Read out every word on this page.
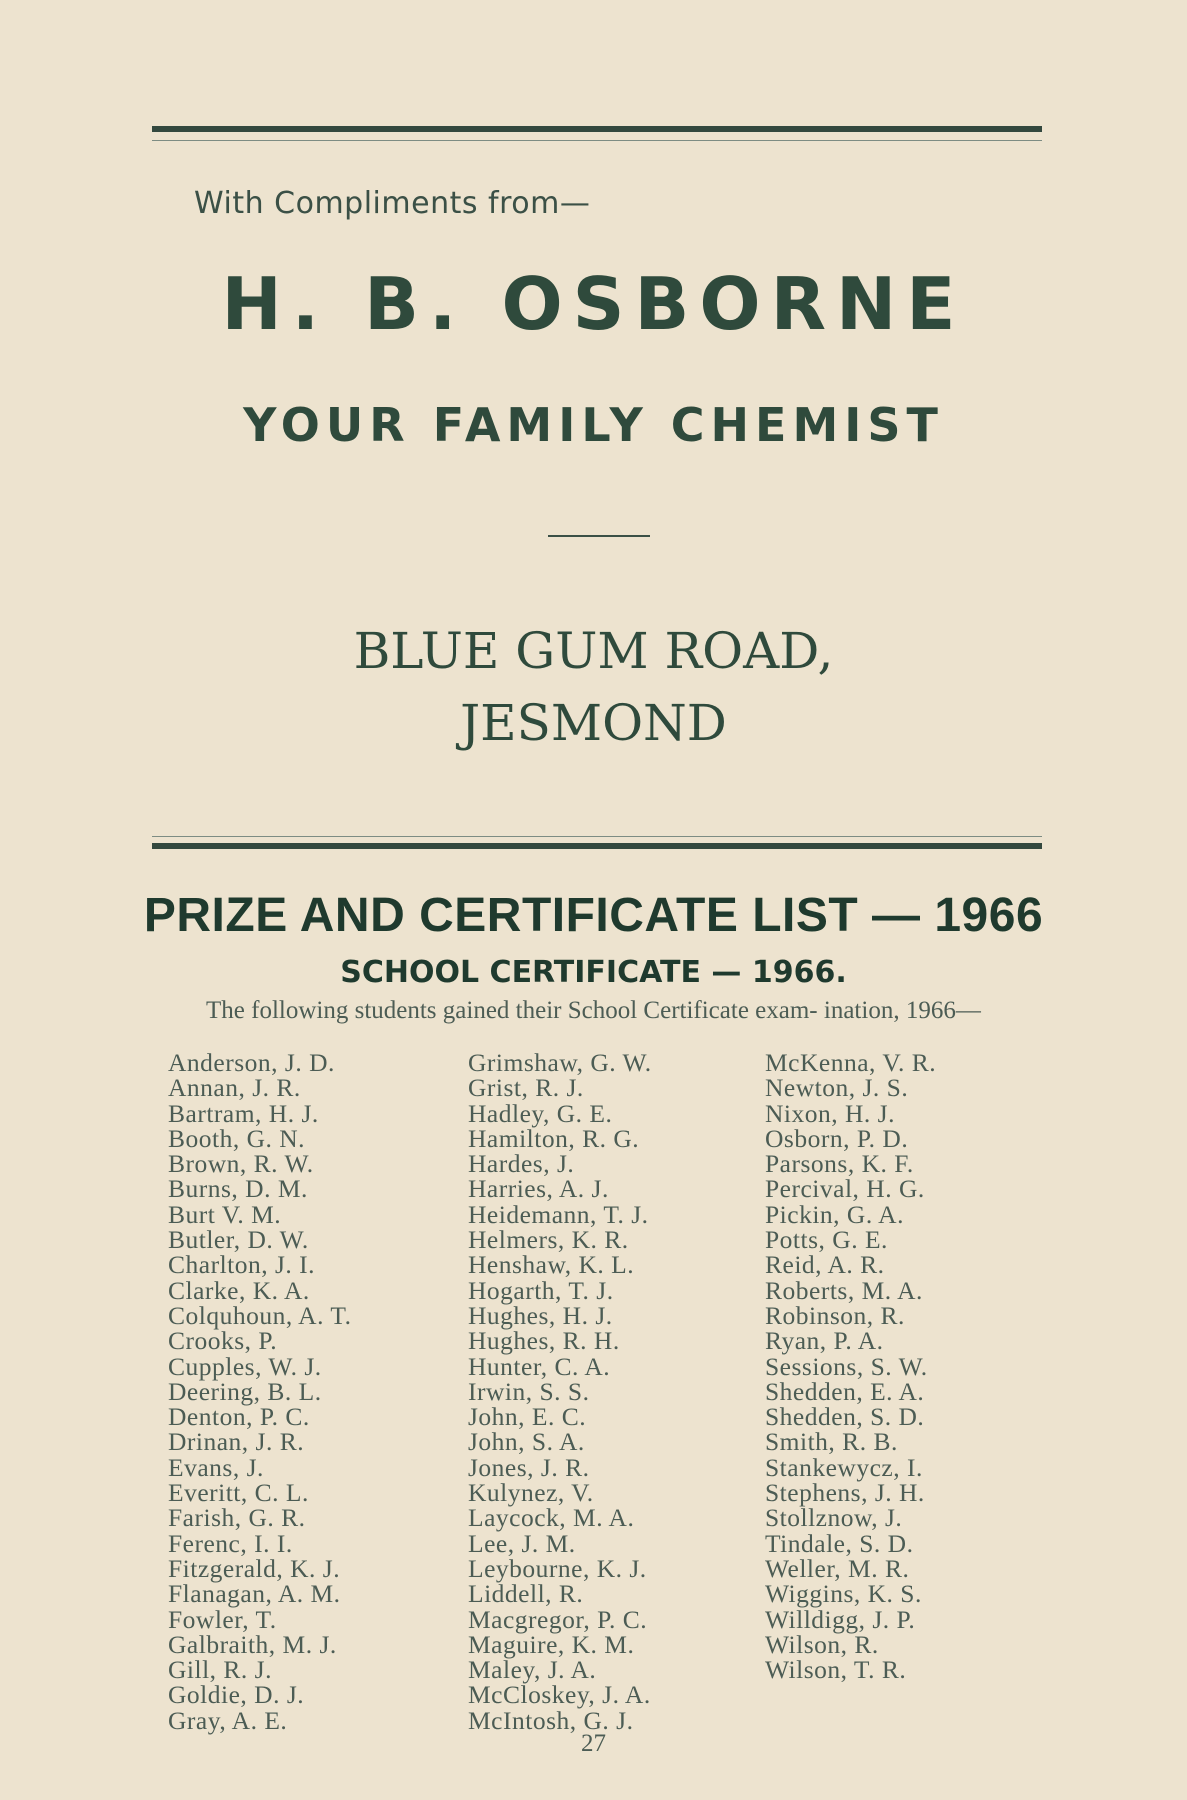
With Compliments from—
H. B. OSBORNE
YOUR FAMILY CHEMIST
BLUE GUM ROAD,
JESMOND
PRIZE AND CERTIFICATE LIST — 1966
SCHOOL CERTIFICATE — 1966.
The following students gained their School Certificate exam- ination, 1966—
Anderson, J. D.
Annan, J. R.
Bartram, H. J.
Booth, G. N.
Brown, R. W.
Burns, D. M.
Burt V. M.
Butler, D. W.
Charlton, J. I.
Clarke, K. A.
Colquhoun, A. T.
Crooks, P.
Cupples, W. J.
Deering, B. L.
Denton, P. C.
Drinan, J. R.
Evans, J.
Everitt, C. L.
Farish, G. R.
Ferenc, I. I.
Fitzgerald, K. J.
Flanagan, A. M.
Fowler, T.
Galbraith, M. J.
Gill, R. J.
Goldie, D. J.
Gray, A. E.
Grimshaw, G. W.
Grist, R. J.
Hadley, G. E.
Hamilton, R. G.
Hardes, J.
Harries, A. J.
Heidemann, T. J.
Helmers, K. R.
Henshaw, K. L.
Hogarth, T. J.
Hughes, H. J.
Hughes, R. H.
Hunter, C. A.
Irwin, S. S.
John, E. C.
John, S. A.
Jones, J. R.
Kulynez, V.
Laycock, M. A.
Lee, J. M.
Leybourne, K. J.
Liddell, R.
Macgregor, P. C.
Maguire, K. M.
Maley, J. A.
McCloskey, J. A.
McIntosh, G. J.
McKenna, V. R.
Newton, J. S.
Nixon, H. J.
Osborn, P. D.
Parsons, K. F.
Percival, H. G.
Pickin, G. A.
Potts, G. E.
Reid, A. R.
Roberts, M. A.
Robinson, R.
Ryan, P. A.
Sessions, S. W.
Shedden, E. A.
Shedden, S. D.
Smith, R. B.
Stankewycz, I.
Stephens, J. H.
Stollznow, J.
Tindale, S. D.
Weller, M. R.
Wiggins, K. S.
Willdigg, J. P.
Wilson, R.
Wilson, T. R.
27
